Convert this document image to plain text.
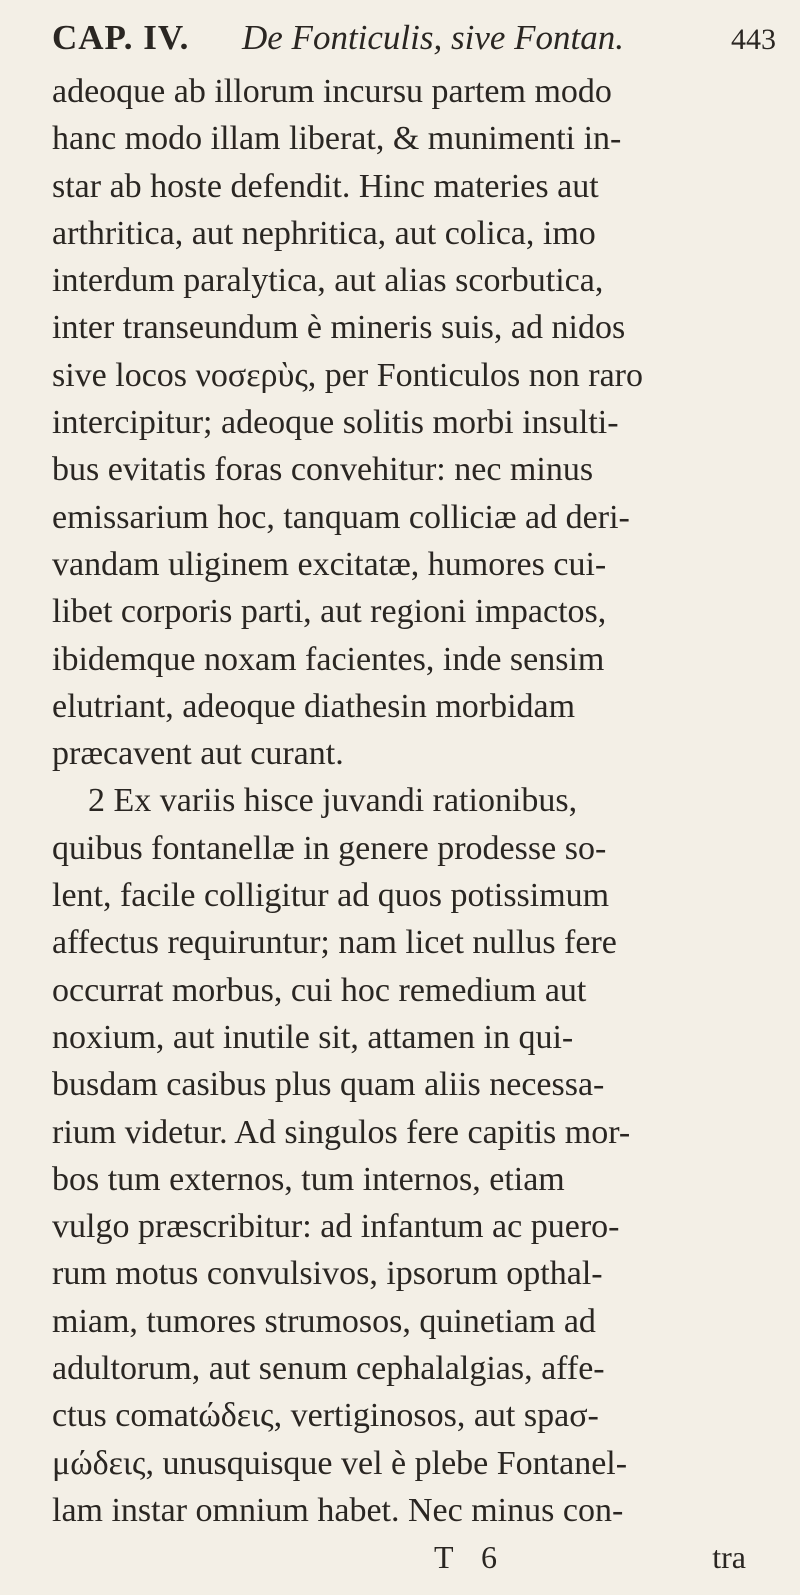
CAP. IV.	De Fonticulis, sive Fontan.	443
adeoque ab illorum incursu partem modo
hanc modo illam liberat, & munimenti in-
star ab hoste defendit. Hinc materies aut
arthritica, aut nephritica, aut colica, imo
interdum paralytica, aut alias scorbutica,
inter transeundum è mineris suis, ad nidos
sive locos νοσερὺς, per Fonticulos non raro
intercipitur; adeoque solitis morbi insulti-
bus evitatis foras convehitur: nec minus
emissarium hoc, tanquam colliciæ ad deri-
vandam uliginem excitatæ, humores cui-
libet corporis parti, aut regioni impactos,
ibidemque noxam facientes, inde sensim
elutriant, adeoque diathesin morbidam
præcavent aut curant.
2 Ex variis hisce juvandi rationibus,
quibus fontanellæ in genere prodesse so-
lent, facile colligitur ad quos potissimum
affectus requiruntur; nam licet nullus fere
occurrat morbus, cui hoc remedium aut
noxium, aut inutile sit, attamen in qui-
busdam casibus plus quam aliis necessa-
rium videtur. Ad singulos fere capitis mor-
bos tum externos, tum internos, etiam
vulgo præscribitur: ad infantum ac puero-
rum motus convulsivos, ipsorum opthal-
miam, tumores strumosos, quinetiam ad
adultorum, aut senum cephalalgias, affe-
ctus comatώδεις, vertiginosos, aut spaσ-
μώδεις, unusquisque vel è plebe Fontanel-
lam instar omnium habet. Nec minus con-
T 6	tra
